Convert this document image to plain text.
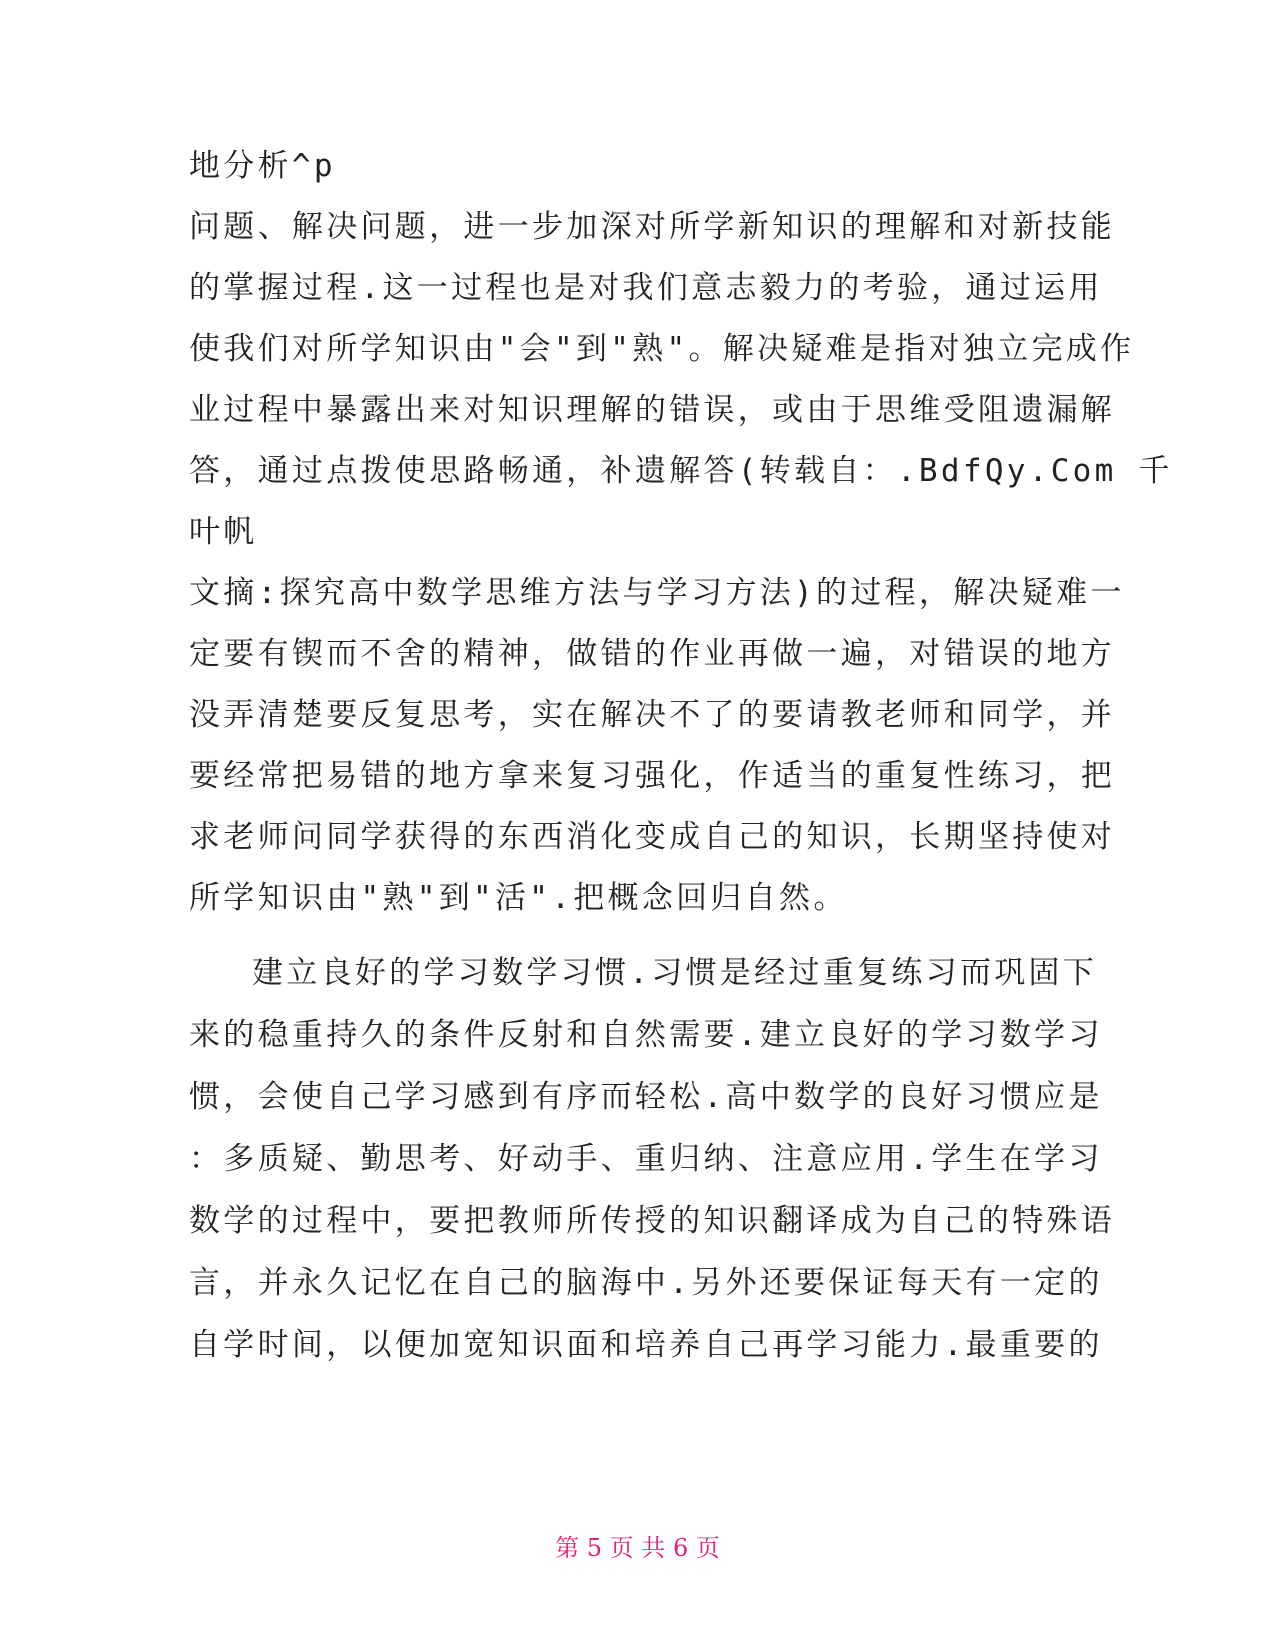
地分析^p
问题、解决问题，进一步加深对所学新知识的理解和对新技能
的掌握过程.这一过程也是对我们意志毅力的考验，通过运用
使我们对所学知识由"会"到"熟"。解决疑难是指对独立完成作
业过程中暴露出来对知识理解的错误，或由于思维受阻遗漏解
答，通过点拨使思路畅通，补遗解答(转载自：.BdfQy.Com 千
叶帆
文摘:探究高中数学思维方法与学习方法)的过程，解决疑难一
定要有锲而不舍的精神，做错的作业再做一遍，对错误的地方
没弄清楚要反复思考，实在解决不了的要请教老师和同学，并
要经常把易错的地方拿来复习强化，作适当的重复性练习，把
求老师问同学获得的东西消化变成自己的知识，长期坚持使对
所学知识由"熟"到"活".把概念回归自然。
建立良好的学习数学习惯.习惯是经过重复练习而巩固下
来的稳重持久的条件反射和自然需要.建立良好的学习数学习
惯，会使自己学习感到有序而轻松.高中数学的良好习惯应是
：多质疑、勤思考、好动手、重归纳、注意应用.学生在学习
数学的过程中，要把教师所传授的知识翻译成为自己的特殊语
言，并永久记忆在自己的脑海中.另外还要保证每天有一定的
自学时间，以便加宽知识面和培养自己再学习能力.最重要的
第 5 页 共 6 页
